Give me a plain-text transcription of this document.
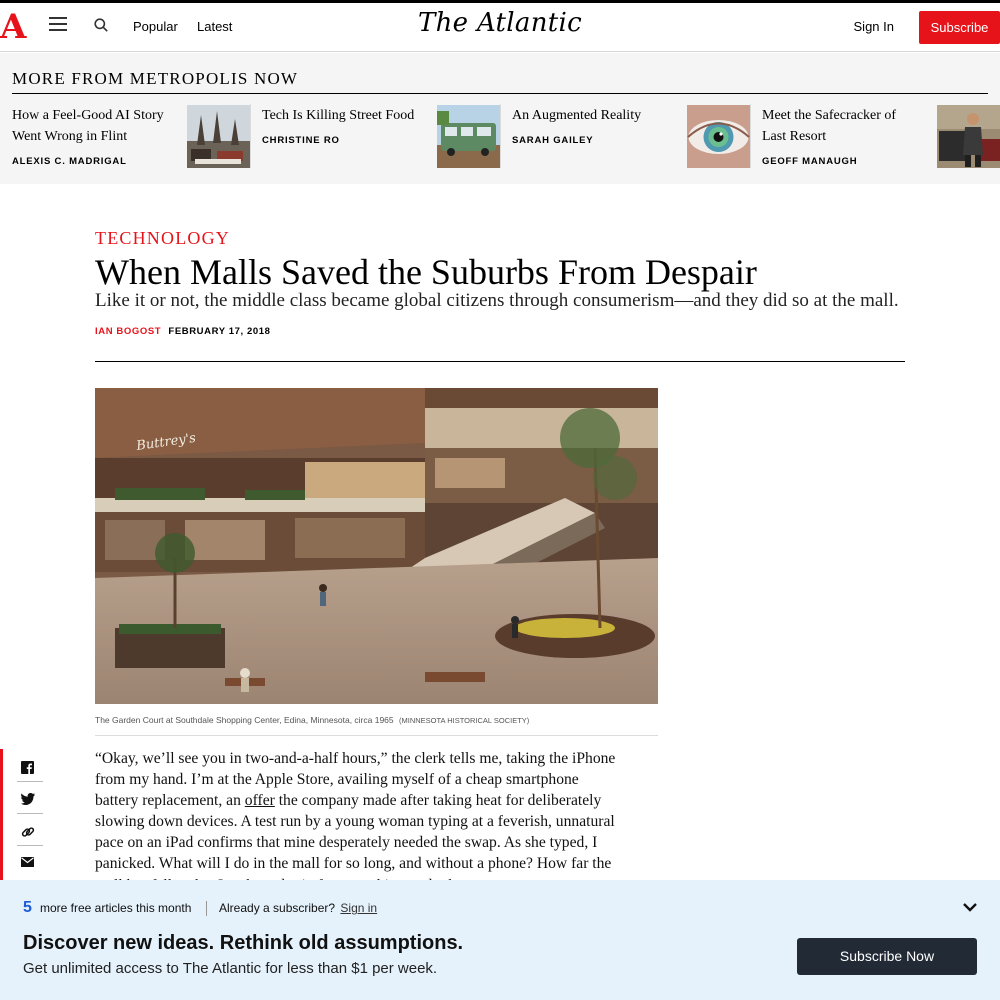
A	Popular Latest	The Atlantic	Sign In	Subscribe
MORE FROM METROPOLIS NOW
How a Feel-Good AI Story Went Wrong in Flint
ALEXIS C. MADRIGAL
Tech Is Killing Street Food
CHRISTINE RO
An Augmented Reality
SARAH GAILEY
Meet the Safecracker of Last Resort
GEOFF MANAUGH
TECHNOLOGY
When Malls Saved the Suburbs From Despair
Like it or not, the middle class became global citizens through consumerism—and they did so at the mall.
IAN BOGOST FEBRUARY 17, 2018
Buttrey's
The Garden Court at Southdale Shopping Center, Edina, Minnesota, circa 1965 (MINNESOTA HISTORICAL SOCIETY)

“Okay, we’ll see you in two-and-a-half hours,” the clerk tells me, taking the iPhone from my hand. I’m at the Apple Store, availing myself of a cheap smartphone battery replacement, an offer the company made after taking heat for deliberately slowing down devices. A test run by a young woman typing at a feverish, unnatural pace on an iPad confirms that mine desperately needed the swap. As she typed, I panicked. What will I do in the mall for so long, and without a phone? How far the

5 more free articles this month Already a subscriber? Sign in
Discover new ideas. Rethink old assumptions.
Get unlimited access to The Atlantic for less than $1 per week.
Subscribe Now
